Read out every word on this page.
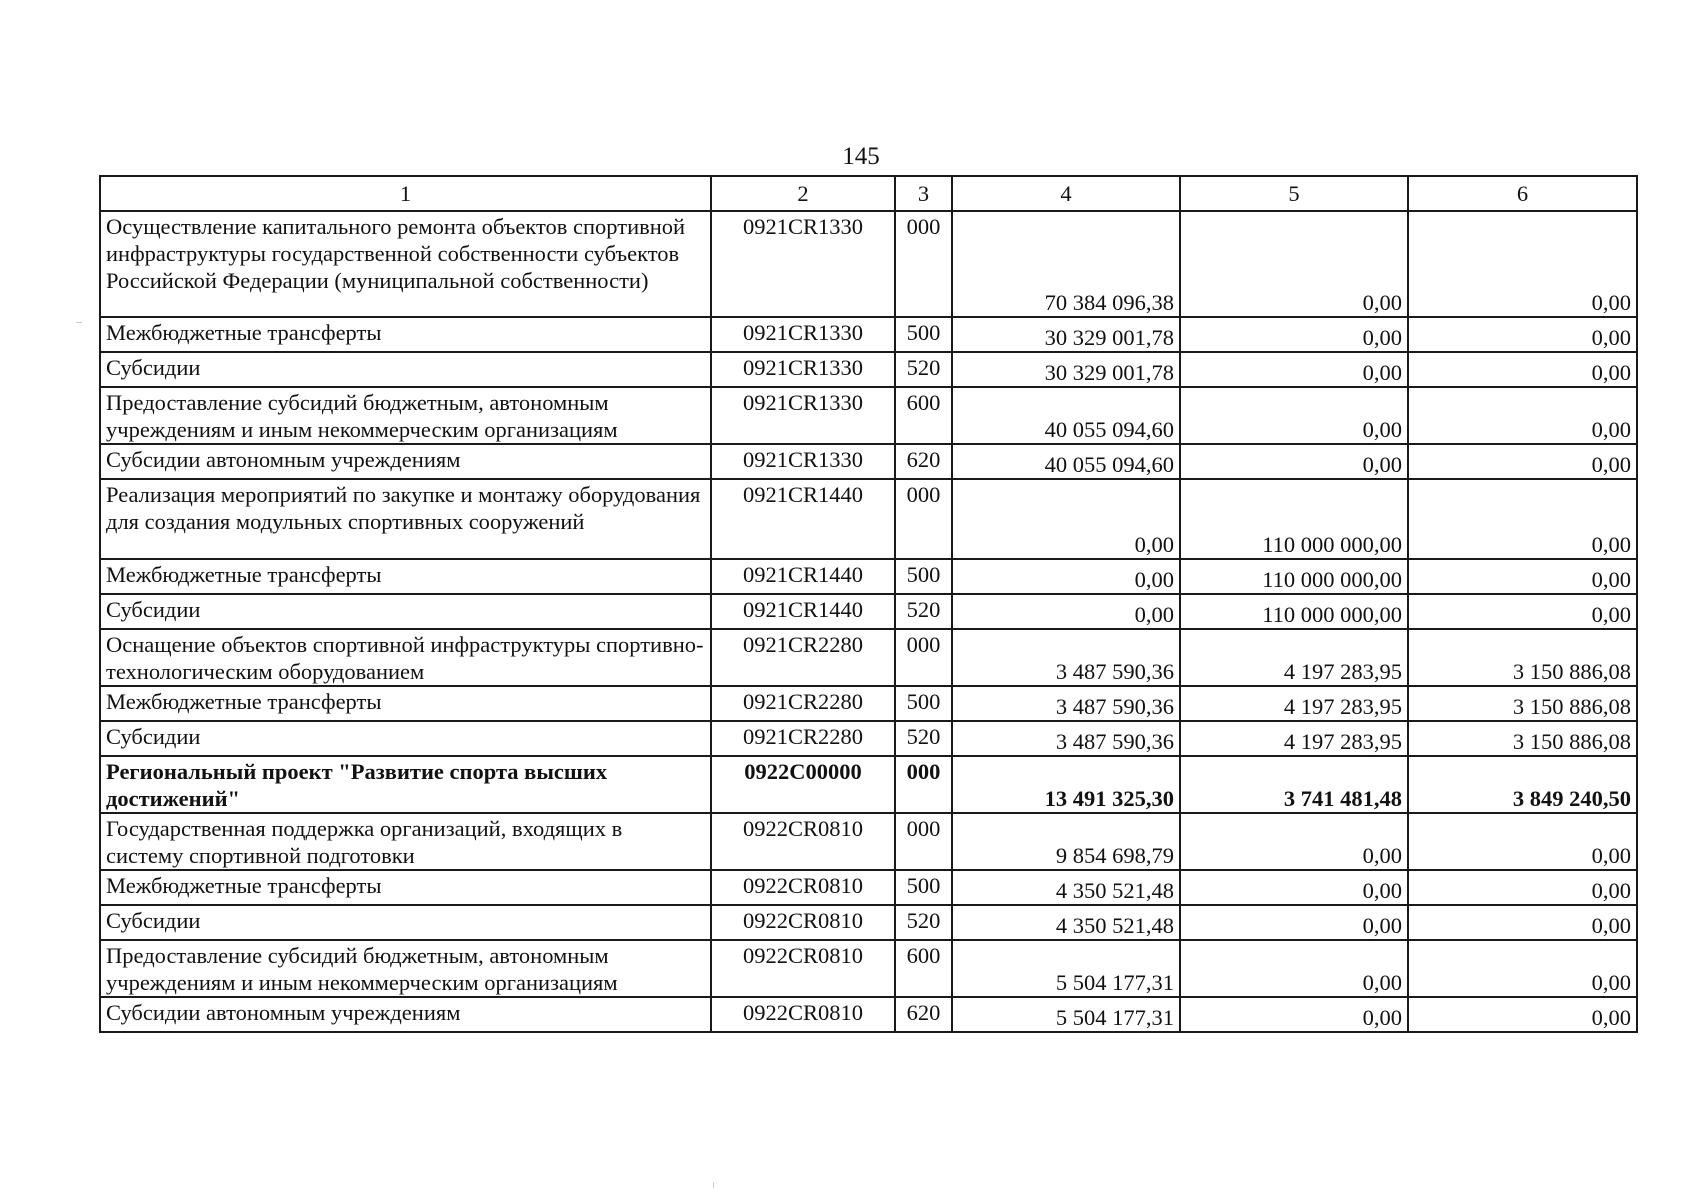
145
1	2	3	4	5	6
Осуществление капитального ремонта объектов спортивной инфраструктуры государственной собственности субъектов Российской Федерации (муниципальной собственности)	0921CR1330	000	70 384 096,38	0,00	0,00
Межбюджетные трансферты	0921CR1330	500	30 329 001,78	0,00	0,00
Субсидии	0921CR1330	520	30 329 001,78	0,00	0,00
Предоставление субсидий бюджетным, автономным учреждениям и иным некоммерческим организациям	0921CR1330	600	40 055 094,60	0,00	0,00
Субсидии автономным учреждениям	0921CR1330	620	40 055 094,60	0,00	0,00
Реализация мероприятий по закупке и монтажу оборудования для создания модульных спортивных сооружений	0921CR1440	000	0,00	110 000 000,00	0,00
Межбюджетные трансферты	0921CR1440	500	0,00	110 000 000,00	0,00
Субсидии	0921CR1440	520	0,00	110 000 000,00	0,00
Оснащение объектов спортивной инфраструктуры спортивно-технологическим оборудованием	0921CR2280	000	3 487 590,36	4 197 283,95	3 150 886,08
Межбюджетные трансферты	0921CR2280	500	3 487 590,36	4 197 283,95	3 150 886,08
Субсидии	0921CR2280	520	3 487 590,36	4 197 283,95	3 150 886,08
Региональный проект "Развитие спорта высших достижений"	0922C00000	000	13 491 325,30	3 741 481,48	3 849 240,50
Государственная поддержка организаций, входящих в систему спортивной подготовки	0922CR0810	000	9 854 698,79	0,00	0,00
Межбюджетные трансферты	0922CR0810	500	4 350 521,48	0,00	0,00
Субсидии	0922CR0810	520	4 350 521,48	0,00	0,00
Предоставление субсидий бюджетным, автономным учреждениям и иным некоммерческим организациям	0922CR0810	600	5 504 177,31	0,00	0,00
Субсидии автономным учреждениям	0922CR0810	620	5 504 177,31	0,00	0,00
